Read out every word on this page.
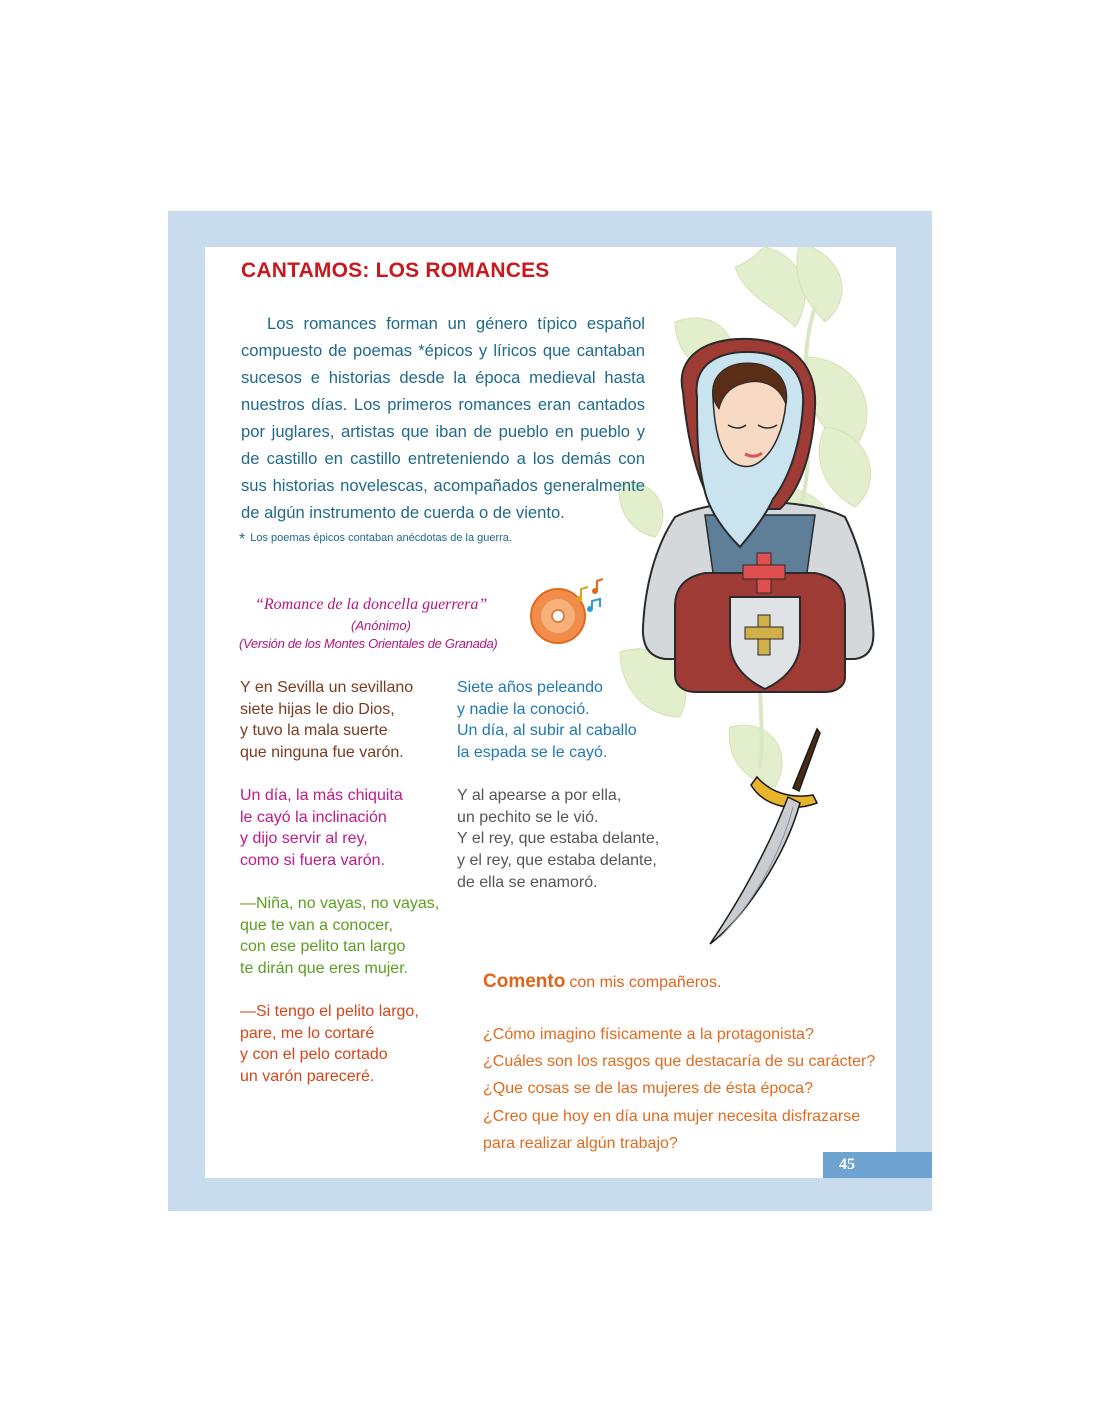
CANTAMOS: LOS ROMANCES

Los romances forman un género típico español compuesto de poemas *épicos y líricos que cantaban sucesos e historias desde la época medieval hasta nuestros días. Los primeros romances eran cantados por juglares, artistas que iban de pueblo en pueblo y de castillo en castillo entreteniendo a los demás con sus historias novelescas, acompañados generalmente de algún instrumento de cuerda o de viento.

* Los poemas épicos contaban anécdotas de la guerra.
“Romance de la doncella guerrera”
(Anónimo)
(Versión de los Montes Orientales de Granada)
Y en Sevilla un sevillano
siete hijas le dio Dios,
y tuvo la mala suerte
que ninguna fue varón.
Un día, la más chiquita
le cayó la inclinación
y dijo servir al rey,
como si fuera varón.
—Niña, no vayas, no vayas,
que te van a conocer,
con ese pelito tan largo
te dirán que eres mujer.
—Si tengo el pelito largo,
pare, me lo cortaré
y con el pelo cortado
un varón pareceré.
Siete años peleando
y nadie la conoció.
Un día, al subir al caballo
la espada se le cayó.
Y al apearse a por ella,
un pechito se le vió.
Y el rey, que estaba delante,
y el rey, que estaba delante,
de ella se enamoró.
Comento con mis compañeros.
¿Cómo imagino físicamente a la protagonista?
¿Cuáles son los rasgos que destacaría de su carácter?
¿Que cosas se de las mujeres de ésta época?
¿Creo que hoy en día una mujer necesita disfrazarse
para realizar algún trabajo?
45
